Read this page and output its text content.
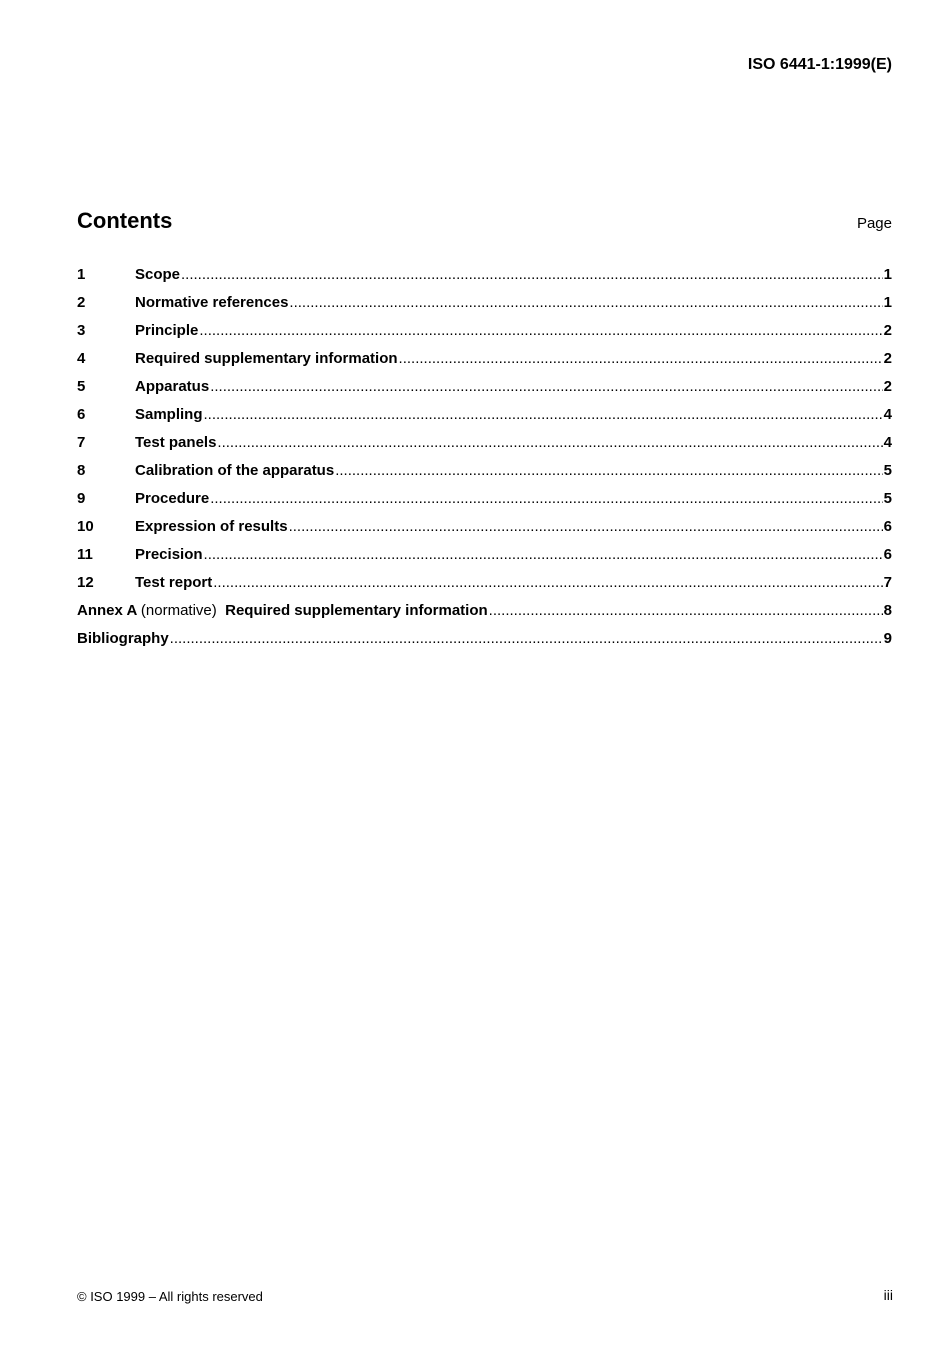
ISO 6441-1:1999(E)
Contents	Page
1	Scope .....	1
2	Normative references .....	1
3	Principle .....	2
4	Required supplementary information .....	2
5	Apparatus .....	2
6	Sampling .....	4
7	Test panels .....	4
8	Calibration of the apparatus .....	5
9	Procedure .....	5
10	Expression of results .....	6
11	Precision .....	6
12	Test report .....	7
Annex A (normative) Required supplementary information .....	8
Bibliography .....	9
© ISO 1999 – All rights reserved	iii
